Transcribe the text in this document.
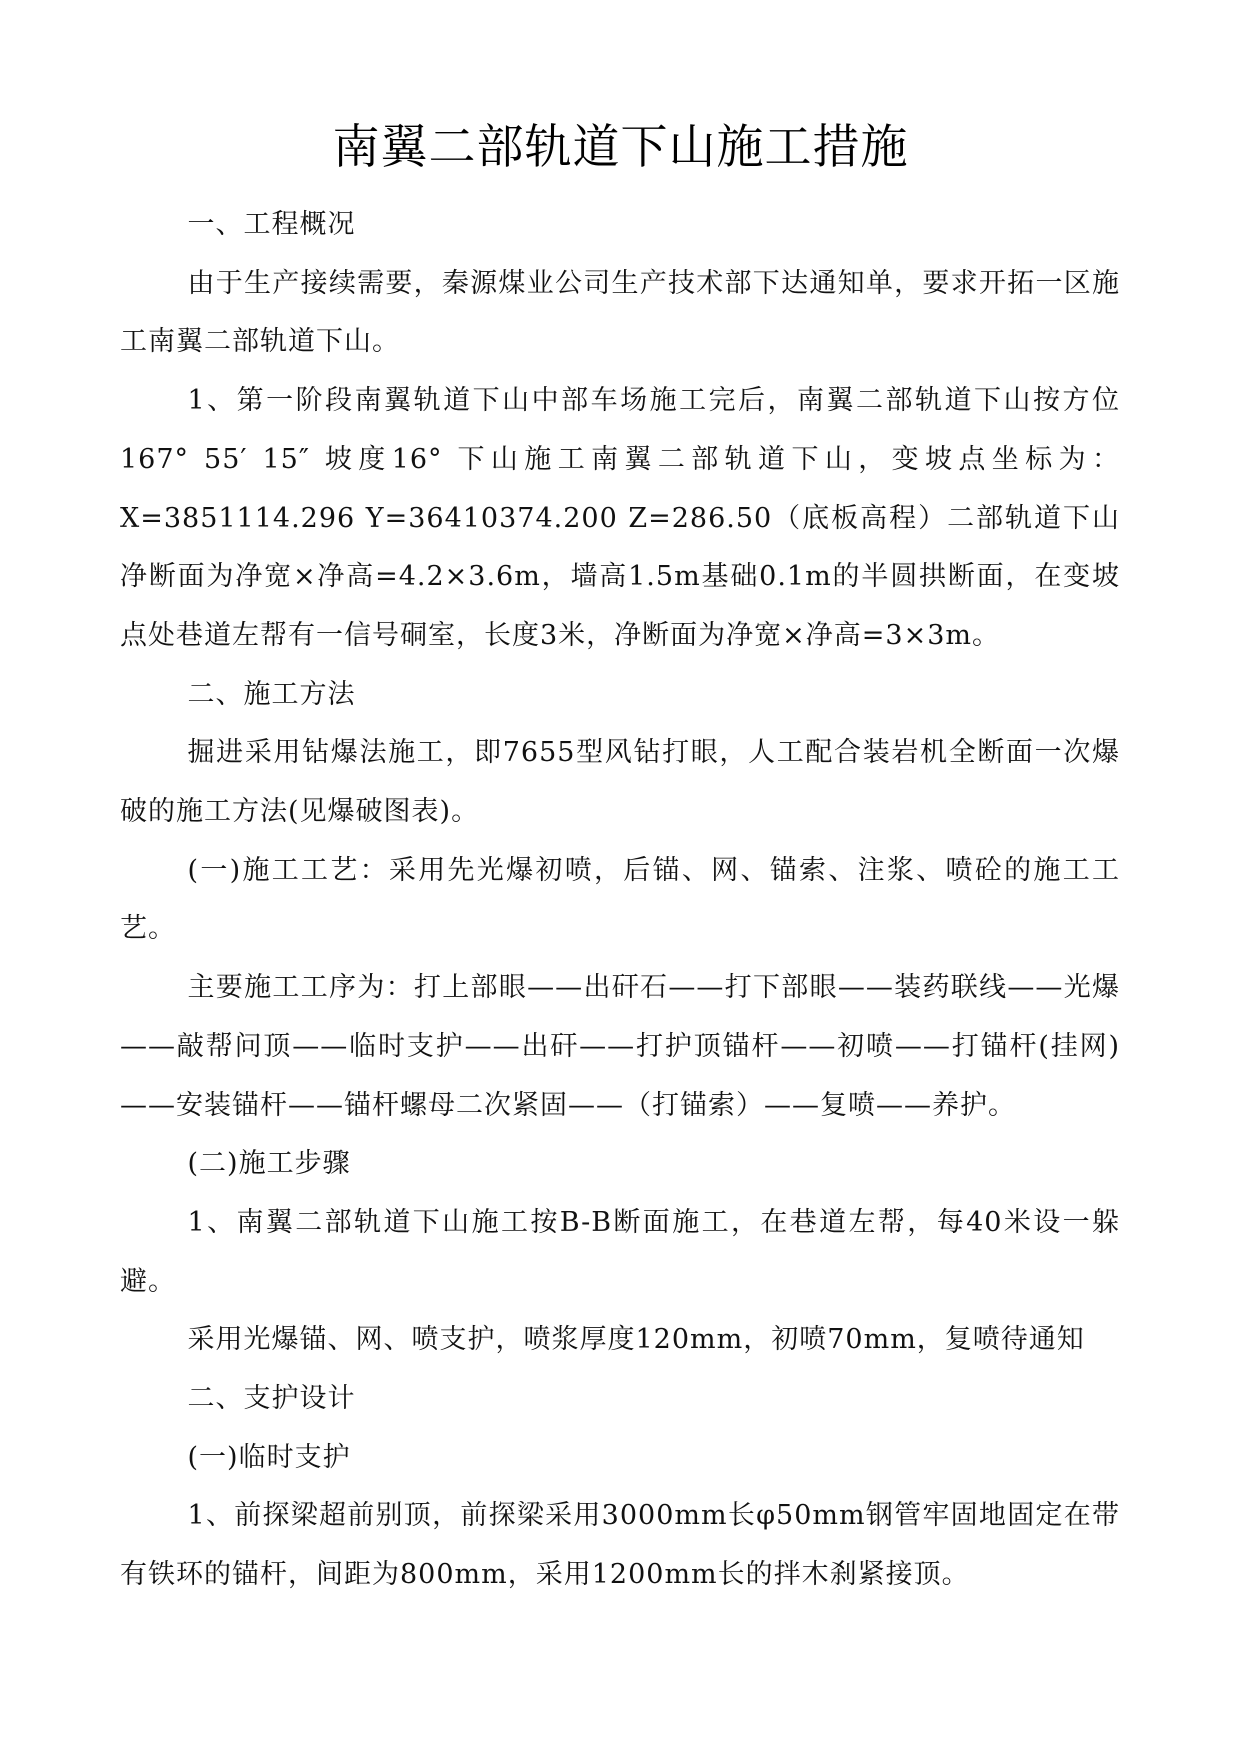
南翼二部轨道下山施工措施

一、工程概况

由于生产接续需要，秦源煤业公司生产技术部下达通知单，要求开拓一区施工南翼二部轨道下山。

1、第一阶段南翼轨道下山中部车场施工完后，南翼二部轨道下山按方位167° 55′ 15″ 坡度16° 下山施工南翼二部轨道下山，变坡点坐标为：X=3851114.296 Y=36410374.200 Z=286.50（底板高程）二部轨道下山净断面为净宽×净高=4.2×3.6m，墙高1.5m基础0.1m的半圆拱断面，在变坡点处巷道左帮有一信号硐室，长度3米，净断面为净宽×净高=3×3m。

二、施工方法

掘进采用钻爆法施工，即7655型风钻打眼，人工配合装岩机全断面一次爆破的施工方法(见爆破图表)。

(一)施工工艺：采用先光爆初喷，后锚、网、锚索、注浆、喷砼的施工工艺。

主要施工工序为：打上部眼——出矸石——打下部眼——装药联线——光爆——敲帮问顶——临时支护——出矸——打护顶锚杆——初喷——打锚杆(挂网)——安装锚杆——锚杆螺母二次紧固——（打锚索）——复喷——养护。

(二)施工步骤

1、南翼二部轨道下山施工按B-B断面施工，在巷道左帮，每40米设一躲避。

采用光爆锚、网、喷支护，喷浆厚度120mm，初喷70mm，复喷待通知

二、支护设计

(一)临时支护

1、前探梁超前别顶，前探梁采用3000mm长φ50mm钢管牢固地固定在带有铁环的锚杆，间距为800mm，采用1200mm长的拌木刹紧接顶。
